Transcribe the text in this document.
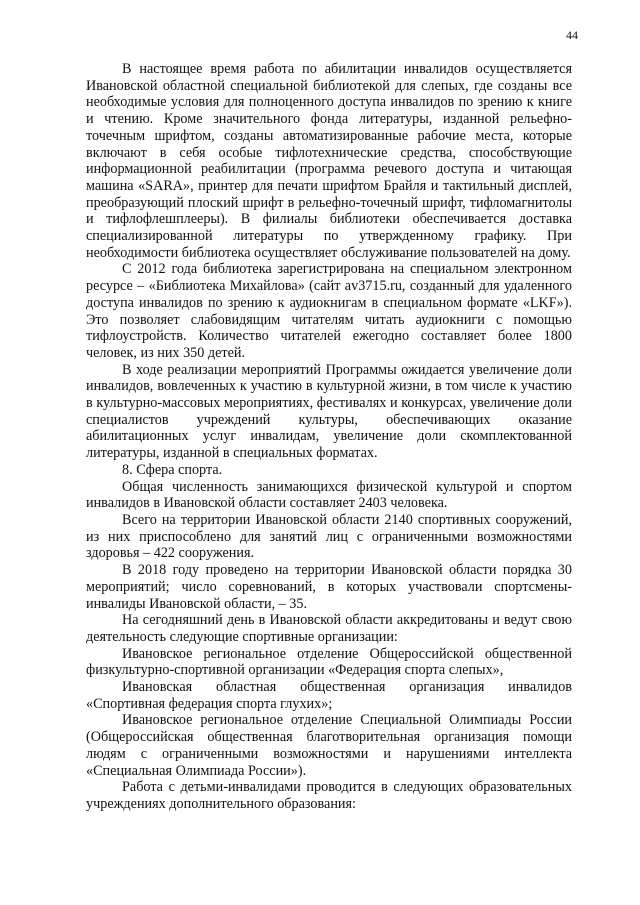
44

В настоящее время работа по абилитации инвалидов осуществляется Ивановской областной специальной библиотекой для слепых, где созданы все необходимые условия для полноценного доступа инвалидов по зрению к книге и чтению. Кроме значительного фонда литературы, изданной рельефно-точечным шрифтом, созданы автоматизированные рабочие места, которые включают в себя особые тифлотехнические средства, способствующие информационной реабилитации (программа речевого доступа и читающая машина «SARA», принтер для печати шрифтом Брайля и тактильный дисплей, преобразующий плоский шрифт в рельефно-точечный шрифт, тифломагнитолы и тифлофлешплееры). В филиалы библиотеки обеспечивается доставка специализированной литературы по утвержденному графику. При необходимости библиотека осуществляет обслуживание пользователей на дому.

С 2012 года библиотека зарегистрирована на специальном электронном ресурсе – «Библиотека Михайлова» (сайт av3715.ru, созданный для удаленного доступа инвалидов по зрению к аудиокнигам в специальном формате «LKF»). Это позволяет слабовидящим читателям читать аудиокниги с помощью тифлоустройств. Количество читателей ежегодно составляет более 1800 человек, из них 350 детей.

В ходе реализации мероприятий Программы ожидается увеличение доли инвалидов, вовлеченных к участию в культурной жизни, в том числе к участию в культурно-массовых мероприятиях, фестивалях и конкурсах, увеличение доли специалистов учреждений культуры, обеспечивающих оказание абилитационных услуг инвалидам, увеличение доли скомплектованной литературы, изданной в специальных форматах.

8. Сфера спорта.

Общая численность занимающихся физической культурой и спортом инвалидов в Ивановской области составляет 2403 человека.

Всего на территории Ивановской области 2140 спортивных сооружений, из них приспособлено для занятий лиц с ограниченными возможностями здоровья – 422 сооружения.

В 2018 году проведено на территории Ивановской области порядка 30 мероприятий; число соревнований, в которых участвовали спортсмены-инвалиды Ивановской области, – 35.

На сегодняшний день в Ивановской области аккредитованы и ведут свою деятельность следующие спортивные организации:

Ивановское региональное отделение Общероссийской общественной физкультурно-спортивной организации «Федерация спорта слепых»,

Ивановская областная общественная организация инвалидов «Спортивная федерация спорта глухих»;

Ивановское региональное отделение Специальной Олимпиады России (Общероссийская общественная благотворительная организация помощи людям с ограниченными возможностями и нарушениями интеллекта «Специальная Олимпиада России»).

Работа с детьми-инвалидами проводится в следующих образовательных учреждениях дополнительного образования:
